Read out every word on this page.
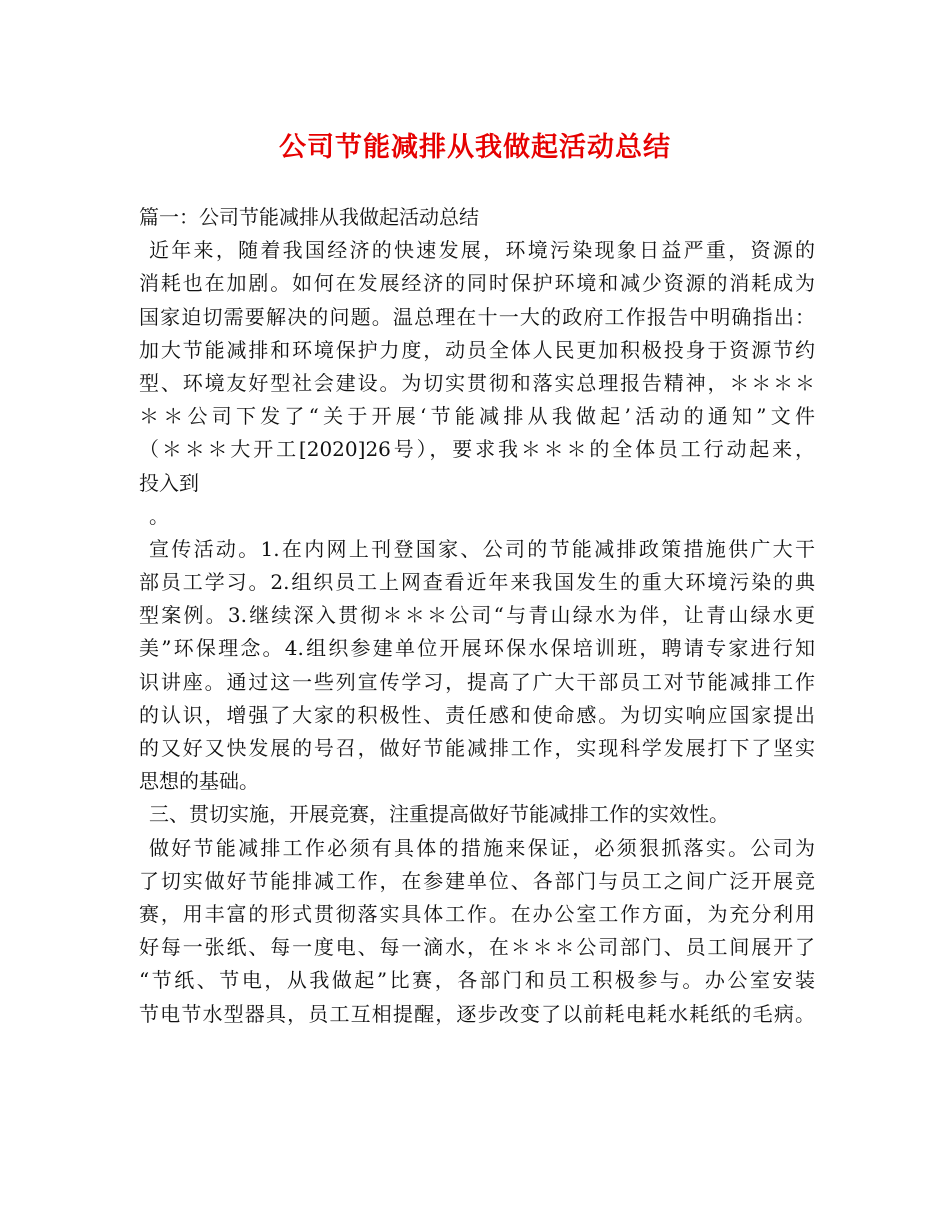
公司节能减排从我做起活动总结
篇一：公司节能减排从我做起活动总结
近年来，随着我国经济的快速发展，环境污染现象日益严重，资源的
消耗也在加剧。如何在发展经济的同时保护环境和减少资源的消耗成为
国家迫切需要解决的问题。温总理在十一大的政府工作报告中明确指出：
加大节能减排和环境保护力度，动员全体人民更加积极投身于资源节约
型、环境友好型社会建设。为切实贯彻和落实总理报告精神，＊＊＊＊
＊＊公司下发了“关于开展‘节能减排从我做起’活动的通知”文件
（＊＊＊大开工[2020]26号），要求我＊＊＊的全体员工行动起来，
投入到
。
宣传活动。1.在内网上刊登国家、公司的节能减排政策措施供广大干
部员工学习。2.组织员工上网查看近年来我国发生的重大环境污染的典
型案例。3.继续深入贯彻＊＊＊公司“与青山绿水为伴，让青山绿水更
美”环保理念。4.组织参建单位开展环保水保培训班，聘请专家进行知
识讲座。通过这一些列宣传学习，提高了广大干部员工对节能减排工作
的认识，增强了大家的积极性、责任感和使命感。为切实响应国家提出
的又好又快发展的号召，做好节能减排工作，实现科学发展打下了坚实
思想的基础。
三、贯切实施，开展竞赛，注重提高做好节能减排工作的实效性。
做好节能减排工作必须有具体的措施来保证，必须狠抓落实。公司为
了切实做好节能排减工作，在参建单位、各部门与员工之间广泛开展竞
赛，用丰富的形式贯彻落实具体工作。在办公室工作方面，为充分利用
好每一张纸、每一度电、每一滴水，在＊＊＊公司部门、员工间展开了
“节纸、节电，从我做起”比赛，各部门和员工积极参与。办公室安装
节电节水型器具，员工互相提醒，逐步改变了以前耗电耗水耗纸的毛病。
